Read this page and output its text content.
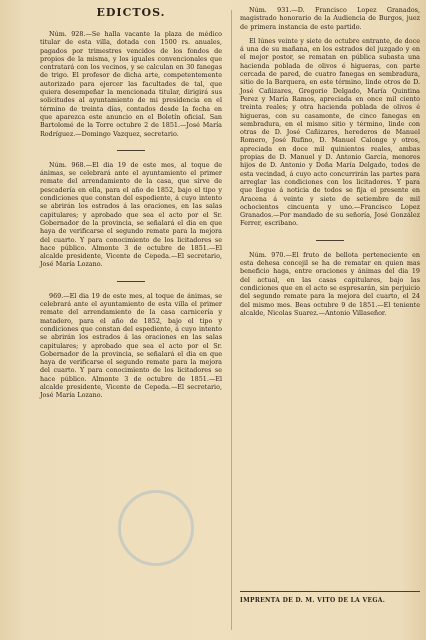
EDICTOS.

Núm. 928.—Se halla vacante la plaza de médico titular de esta villa, dotada con 1500 rs. anuales, pagados por trimestres vencidos de los fondos de propios de la misma, y los iguales convencionales que contratará con los vecinos, y se calculan en 30 fanegas de trigo. El profesor de dicha arte, competentemente autorizado para ejercer las facultades de tal, que quiera desempeñar la mencionada titular, dirigirá sus solicitudes al ayuntamiento de mi presidencia en el término de treinta días, contados desde la fecha en que aparezca este anuncio en el Boletín oficial. San Bartolomé de la Torre octubre 2 de 1851.—José María Rodríguez.—Domingo Vazquez, secretario.

Núm. 968.—El dia 19 de este mes, al toque de ánimas, se celebrará ante el ayuntamiento el primer remate del arrendamiento de la casa, que sirve de pescadería en ella, para el año de 1852, bajo el tipo y condiciones que constan del espediente, á cuyo intento se abrirán los estrados á las oraciones, en las salas capitulares; y aprobado que sea el acto por el Sr. Gobernador de la provincia, se señalará el dia en que haya de verificarse el segundo remate para la mejora del cuarto. Y para conocimiento de los licitadores se hace público. Almonte 3 de octubre de 1851.—El alcalde presidente, Vicente de Cepeda.—El secretario, José María Lozano.

969.—El dia 19 de este mes, al toque de ánimas, se celebrará ante el ayuntamiento de esta villa el primer remate del arrendamiento de la casa carnicería y matadero, para el año de 1852, bajo el tipo y condiciones que constan del espediente, á cuyo intento se abrirán los estrados á las oraciones en las salas capitulares; y aprobado que sea el acto por el Sr. Gobernador de la provincia, se señalará el dia en que haya de verificarse el segundo remate para la mejora del cuarto. Y para conocimiento de los licitadores se hace público. Almonte 3 de octubre de 1851.—El alcalde presidente, Vicente de Cepeda.—El secretario, José María Lozano.

Núm. 931.—D. Francisco Lopez Granados, magistrado honorario de la Audiencia de Burgos, juez de primera instancia de este partido.

El lúnes veinte y siete de octubre entrante, de doce á una de su mañana, en los estrados del juzgado y en el mejor postor, se rematan en pública subasta una hacienda poblada de olivos é higueras, con parte cercada de pared, de cuatro fanegas en sembradura, sitio de la Barquera, en este término, linde otros de D. José Cañizares, Gregorio Delgado, María Quintina Perez y María Ramos, apreciada en once mil ciento treinta reales; y otra hacienda poblada de olivos é higueras, con su casamonte, de cinco fanegas en sembradura, en el mismo sitio y término, linde con otras de D. José Cañizares, herederos de Manuel Romero, José Rufino, D. Manuel Calonge y otros, apreciada en doce mil quinientos reales, ambas propias de D. Manuel y D. Antonio García, menores hijos de D. Antonio y Doña María Delgado, todos de esta vecindad, á cuyo acto concurrirán las partes para arreglar las condiciones con los licitadores. Y para que llegue á noticia de todos se fija el presente en Aracena á veinte y siete de setiembre de mil ochocientos cincuenta y uno.—Francisco Lopez Granados.—Por mandado de su señoría, José González Ferrer, escribano.

Núm. 970.—El fruto de bellota perteneciente en esta dehesa concejil se ha de rematar en quien mas beneficio haga, entre oraciones y ánimas del dia 19 del actual, en las casas capitulares, bajo las condiciones que en el acto se espresarán, sin perjuicio del segundo remate para la mejora del cuarto, el 24 del mismo mes. Beas octubre 9 de 1851.—El teniente alcalde, Nicolas Suarez.—Antonio Villaseñor.

IMPRENTA DE D. M. VITO DE LA VEGA.
